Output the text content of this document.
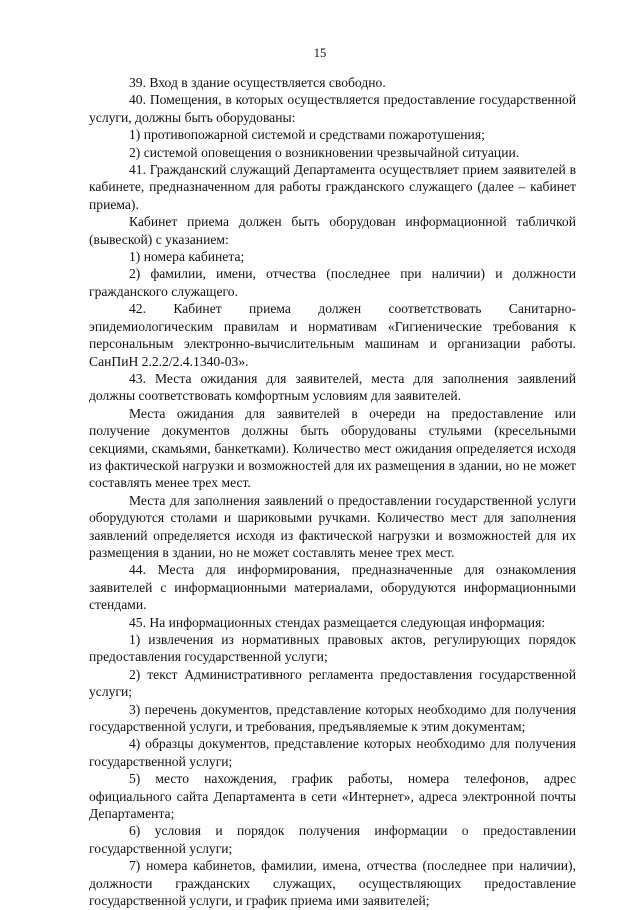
15

39. Вход в здание осуществляется свободно.

40. Помещения, в которых осуществляется предоставление государственной услуги, должны быть оборудованы:

1) противопожарной системой и средствами пожаротушения;

2) системой оповещения о возникновении чрезвычайной ситуации.

41. Гражданский служащий Департамента осуществляет прием заявителей в кабинете, предназначенном для работы гражданского служащего (далее – кабинет приема).

Кабинет приема должен быть оборудован информационной табличкой (вывеской) с указанием:

1) номера кабинета;

2) фамилии, имени, отчества (последнее при наличии) и должности гражданского служащего.

42. Кабинет приема должен соответствовать Санитарно-эпидемиологическим правилам и нормативам «Гигиенические требования к персональным электронно-вычислительным машинам и организации работы. СанПиН 2.2.2/2.4.1340-03».

43. Места ожидания для заявителей, места для заполнения заявлений должны соответствовать комфортным условиям для заявителей.

Места ожидания для заявителей в очереди на предоставление или получение документов должны быть оборудованы стульями (кресельными секциями, скамьями, банкетками). Количество мест ожидания определяется исходя из фактической нагрузки и возможностей для их размещения в здании, но не может составлять менее трех мест.

Места для заполнения заявлений о предоставлении государственной услуги оборудуются столами и шариковыми ручками. Количество мест для заполнения заявлений определяется исходя из фактической нагрузки и возможностей для их размещения в здании, но не может составлять менее трех мест.

44. Места для информирования, предназначенные для ознакомления заявителей с информационными материалами, оборудуются информационными стендами.

45. На информационных стендах размещается следующая информация:

1) извлечения из нормативных правовых актов, регулирующих порядок предоставления государственной услуги;

2) текст Административного регламента предоставления государственной услуги;

3) перечень документов, представление которых необходимо для получения государственной услуги, и требования, предъявляемые к этим документам;

4) образцы документов, представление которых необходимо для получения государственной услуги;

5) место нахождения, график работы, номера телефонов, адрес официального сайта Департамента в сети «Интернет», адреса электронной почты Департамента;

6) условия и порядок получения информации о предоставлении государственной услуги;

7) номера кабинетов, фамилии, имена, отчества (последнее при наличии), должности гражданских служащих, осуществляющих предоставление государственной услуги, и график приема ими заявителей;
